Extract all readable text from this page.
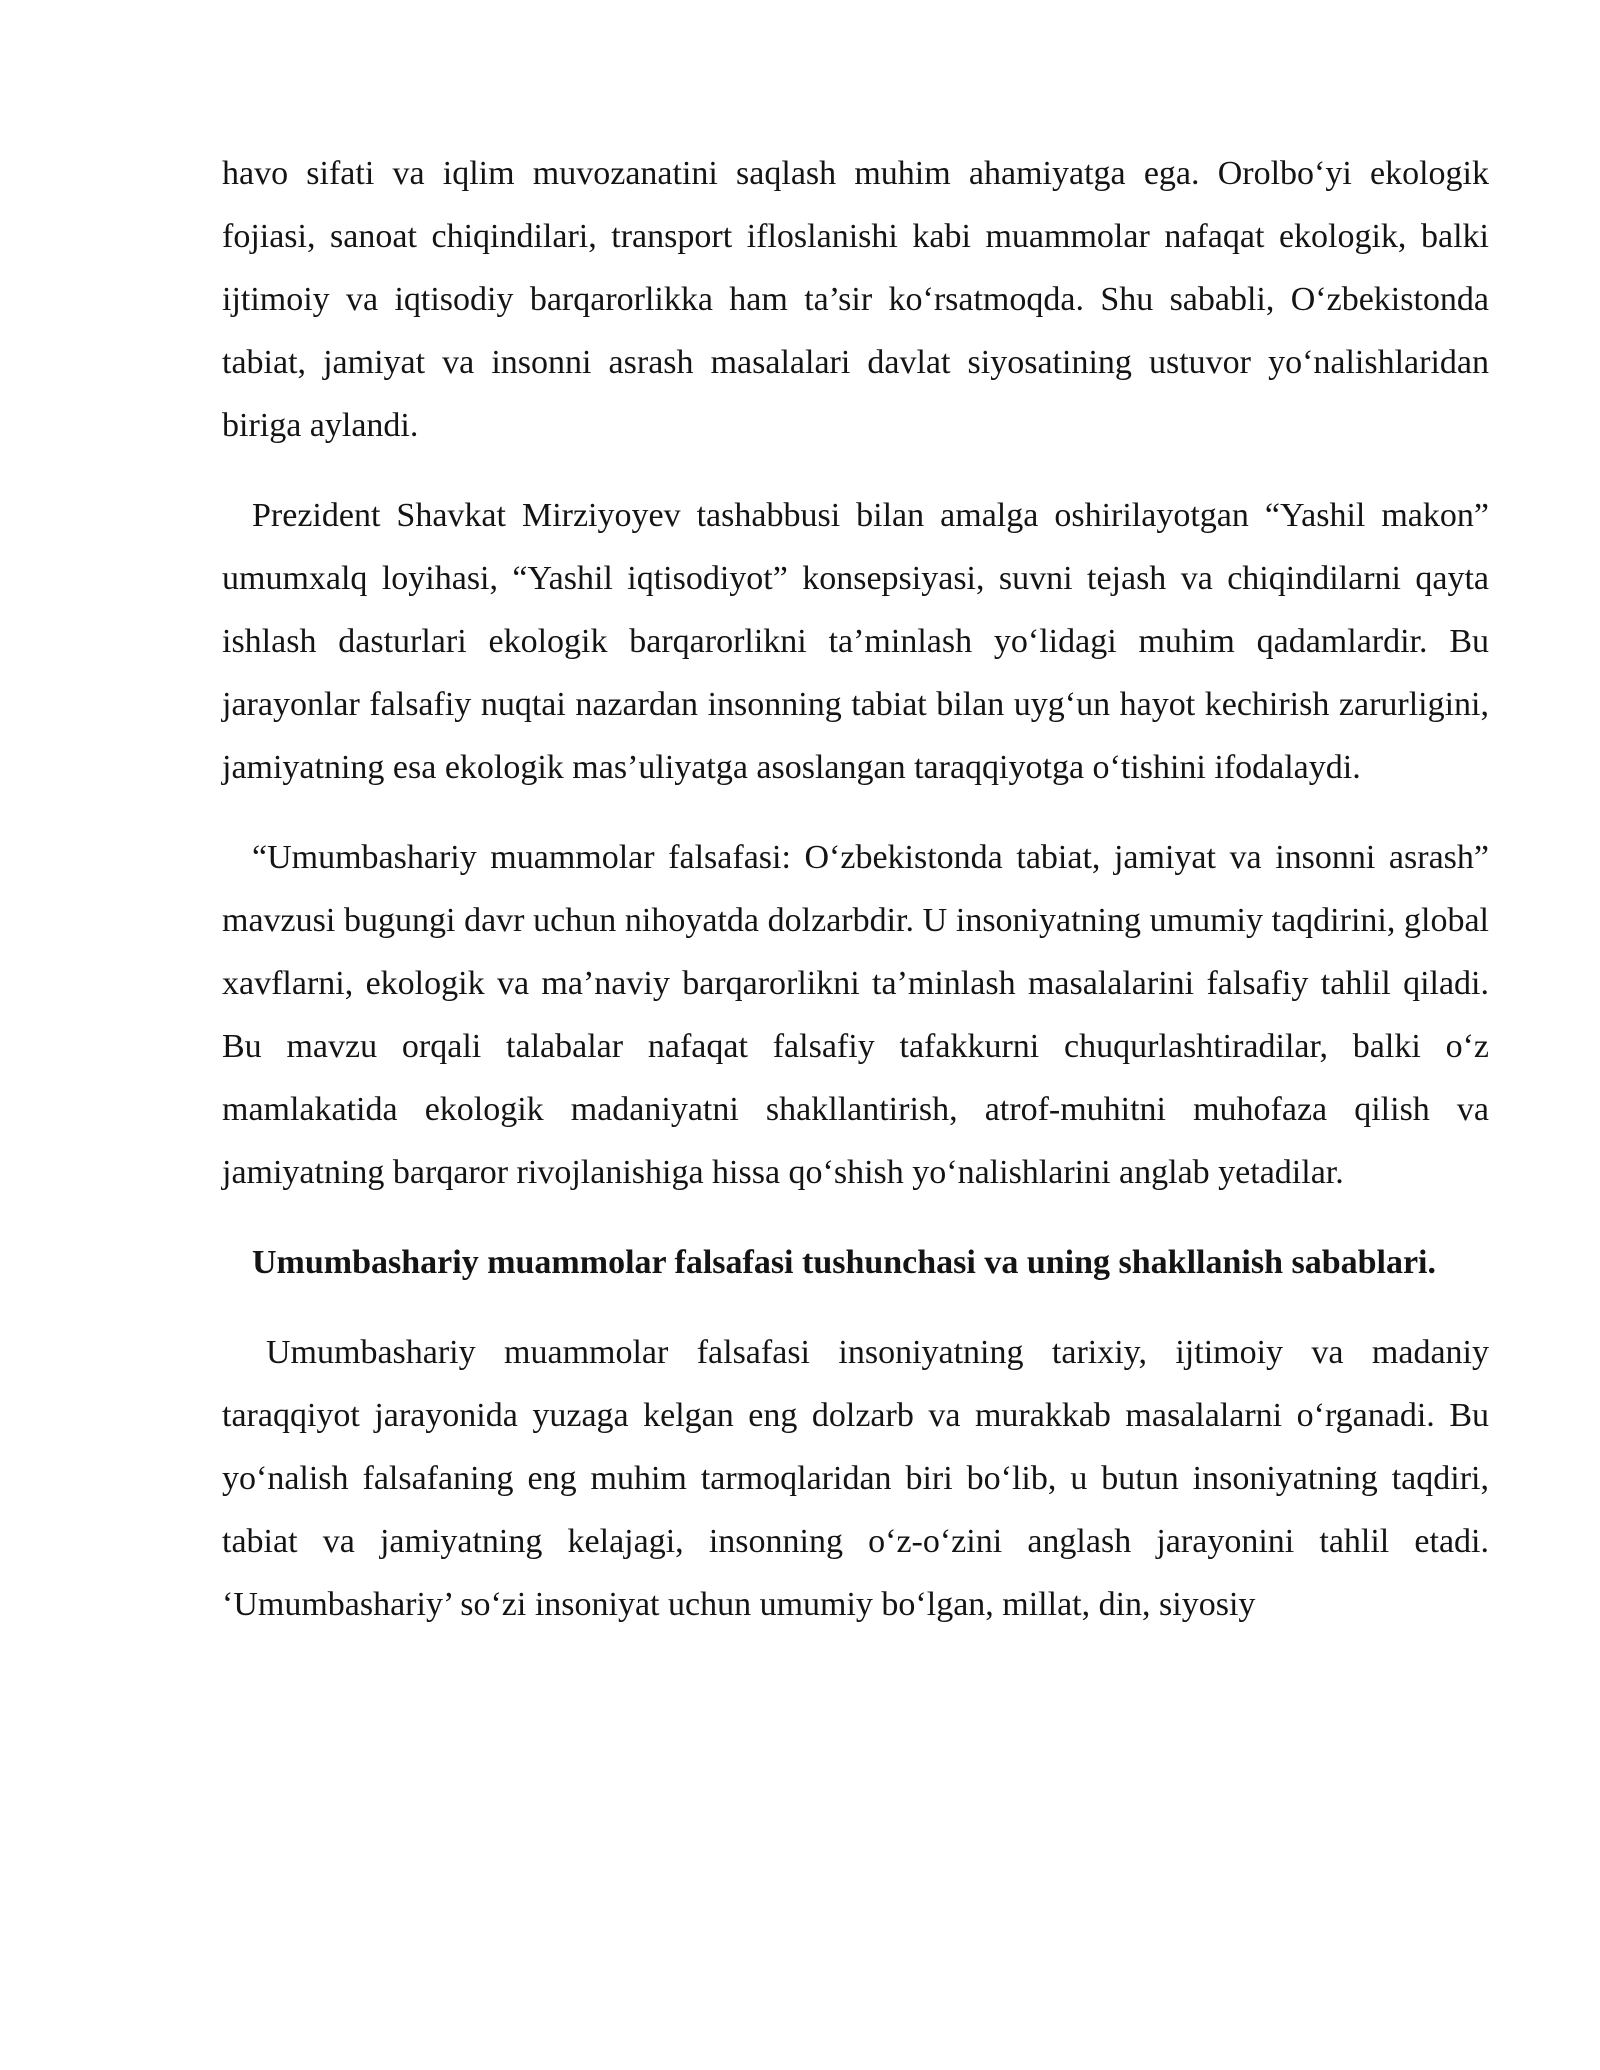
havo sifati va iqlim muvozanatini saqlash muhim ahamiyatga ega. Orolbo‘yi ekologik fojiasi, sanoat chiqindilari, transport ifloslanishi kabi muammolar nafaqat ekologik, balki ijtimoiy va iqtisodiy barqarorlikka ham ta’sir ko‘rsatmoqda. Shu sababli, O‘zbekistonda tabiat, jamiyat va insonni asrash masalalari davlat siyosatining ustuvor yo‘nalishlaridan biriga aylandi.

Prezident Shavkat Mirziyoyev tashabbusi bilan amalga oshirilayotgan “Yashil makon” umumxalq loyihasi, “Yashil iqtisodiyot” konsepsiyasi, suvni tejash va chiqindilarni qayta ishlash dasturlari ekologik barqarorlikni ta’minlash yo‘lidagi muhim qadamlardir. Bu jarayonlar falsafiy nuqtai nazardan insonning tabiat bilan uyg‘un hayot kechirish zarurligini, jamiyatning esa ekologik mas’uliyatga asoslangan taraqqiyotga o‘tishini ifodalaydi.

“Umumbashariy muammolar falsafasi: O‘zbekistonda tabiat, jamiyat va insonni asrash” mavzusi bugungi davr uchun nihoyatda dolzarbdir. U insoniyatning umumiy taqdirini, global xavflarni, ekologik va ma’naviy barqarorlikni ta’minlash masalalarini falsafiy tahlil qiladi. Bu mavzu orqali talabalar nafaqat falsafiy tafakkurni chuqurlashtiradilar, balki o‘z mamlakatida ekologik madaniyatni shakllantirish, atrof-muhitni muhofaza qilish va jamiyatning barqaror rivojlanishiga hissa qo‘shish yo‘nalishlarini anglab yetadilar.

Umumbashariy muammolar falsafasi tushunchasi va uning shakllanish sabablari.

Umumbashariy muammolar falsafasi insoniyatning tarixiy, ijtimoiy va madaniy taraqqiyot jarayonida yuzaga kelgan eng dolzarb va murakkab masalalarni o‘rganadi. Bu yo‘nalish falsafaning eng muhim tarmoqlaridan biri bo‘lib, u butun insoniyatning taqdiri, tabiat va jamiyatning kelajagi, insonning o‘z-o‘zini anglash jarayonini tahlil etadi. ‘Umumbashariy’ so‘zi insoniyat uchun umumiy bo‘lgan, millat, din, siyosiy
